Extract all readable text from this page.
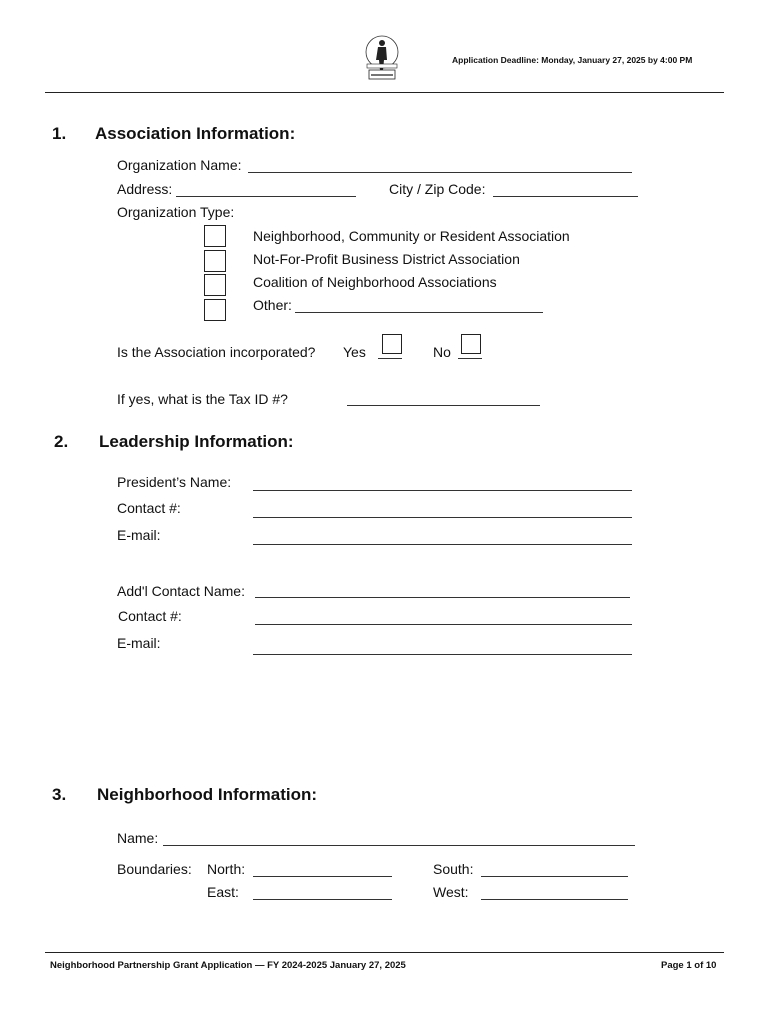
Application Deadline: Monday, January 27, 2025 by 4:00 PM
1. Association Information:
Organization Name:
Address:	City / Zip Code:
Organization Type:
Neighborhood, Community or Resident Association
Not-For-Profit Business District Association
Coalition of Neighborhood Associations
Other:
Is the Association incorporated? Yes	No
If yes, what is the Tax ID #?
2. Leadership Information:
President’s Name:
Contact #:
E-mail:
Add'l Contact Name:
Contact #:
E-mail:
3. Neighborhood Information:
Name:
Boundaries: North:	South:
East:	West:
Neighborhood Partnership Grant Application — FY 2024-2025 January 27, 2025	Page 1 of 10
